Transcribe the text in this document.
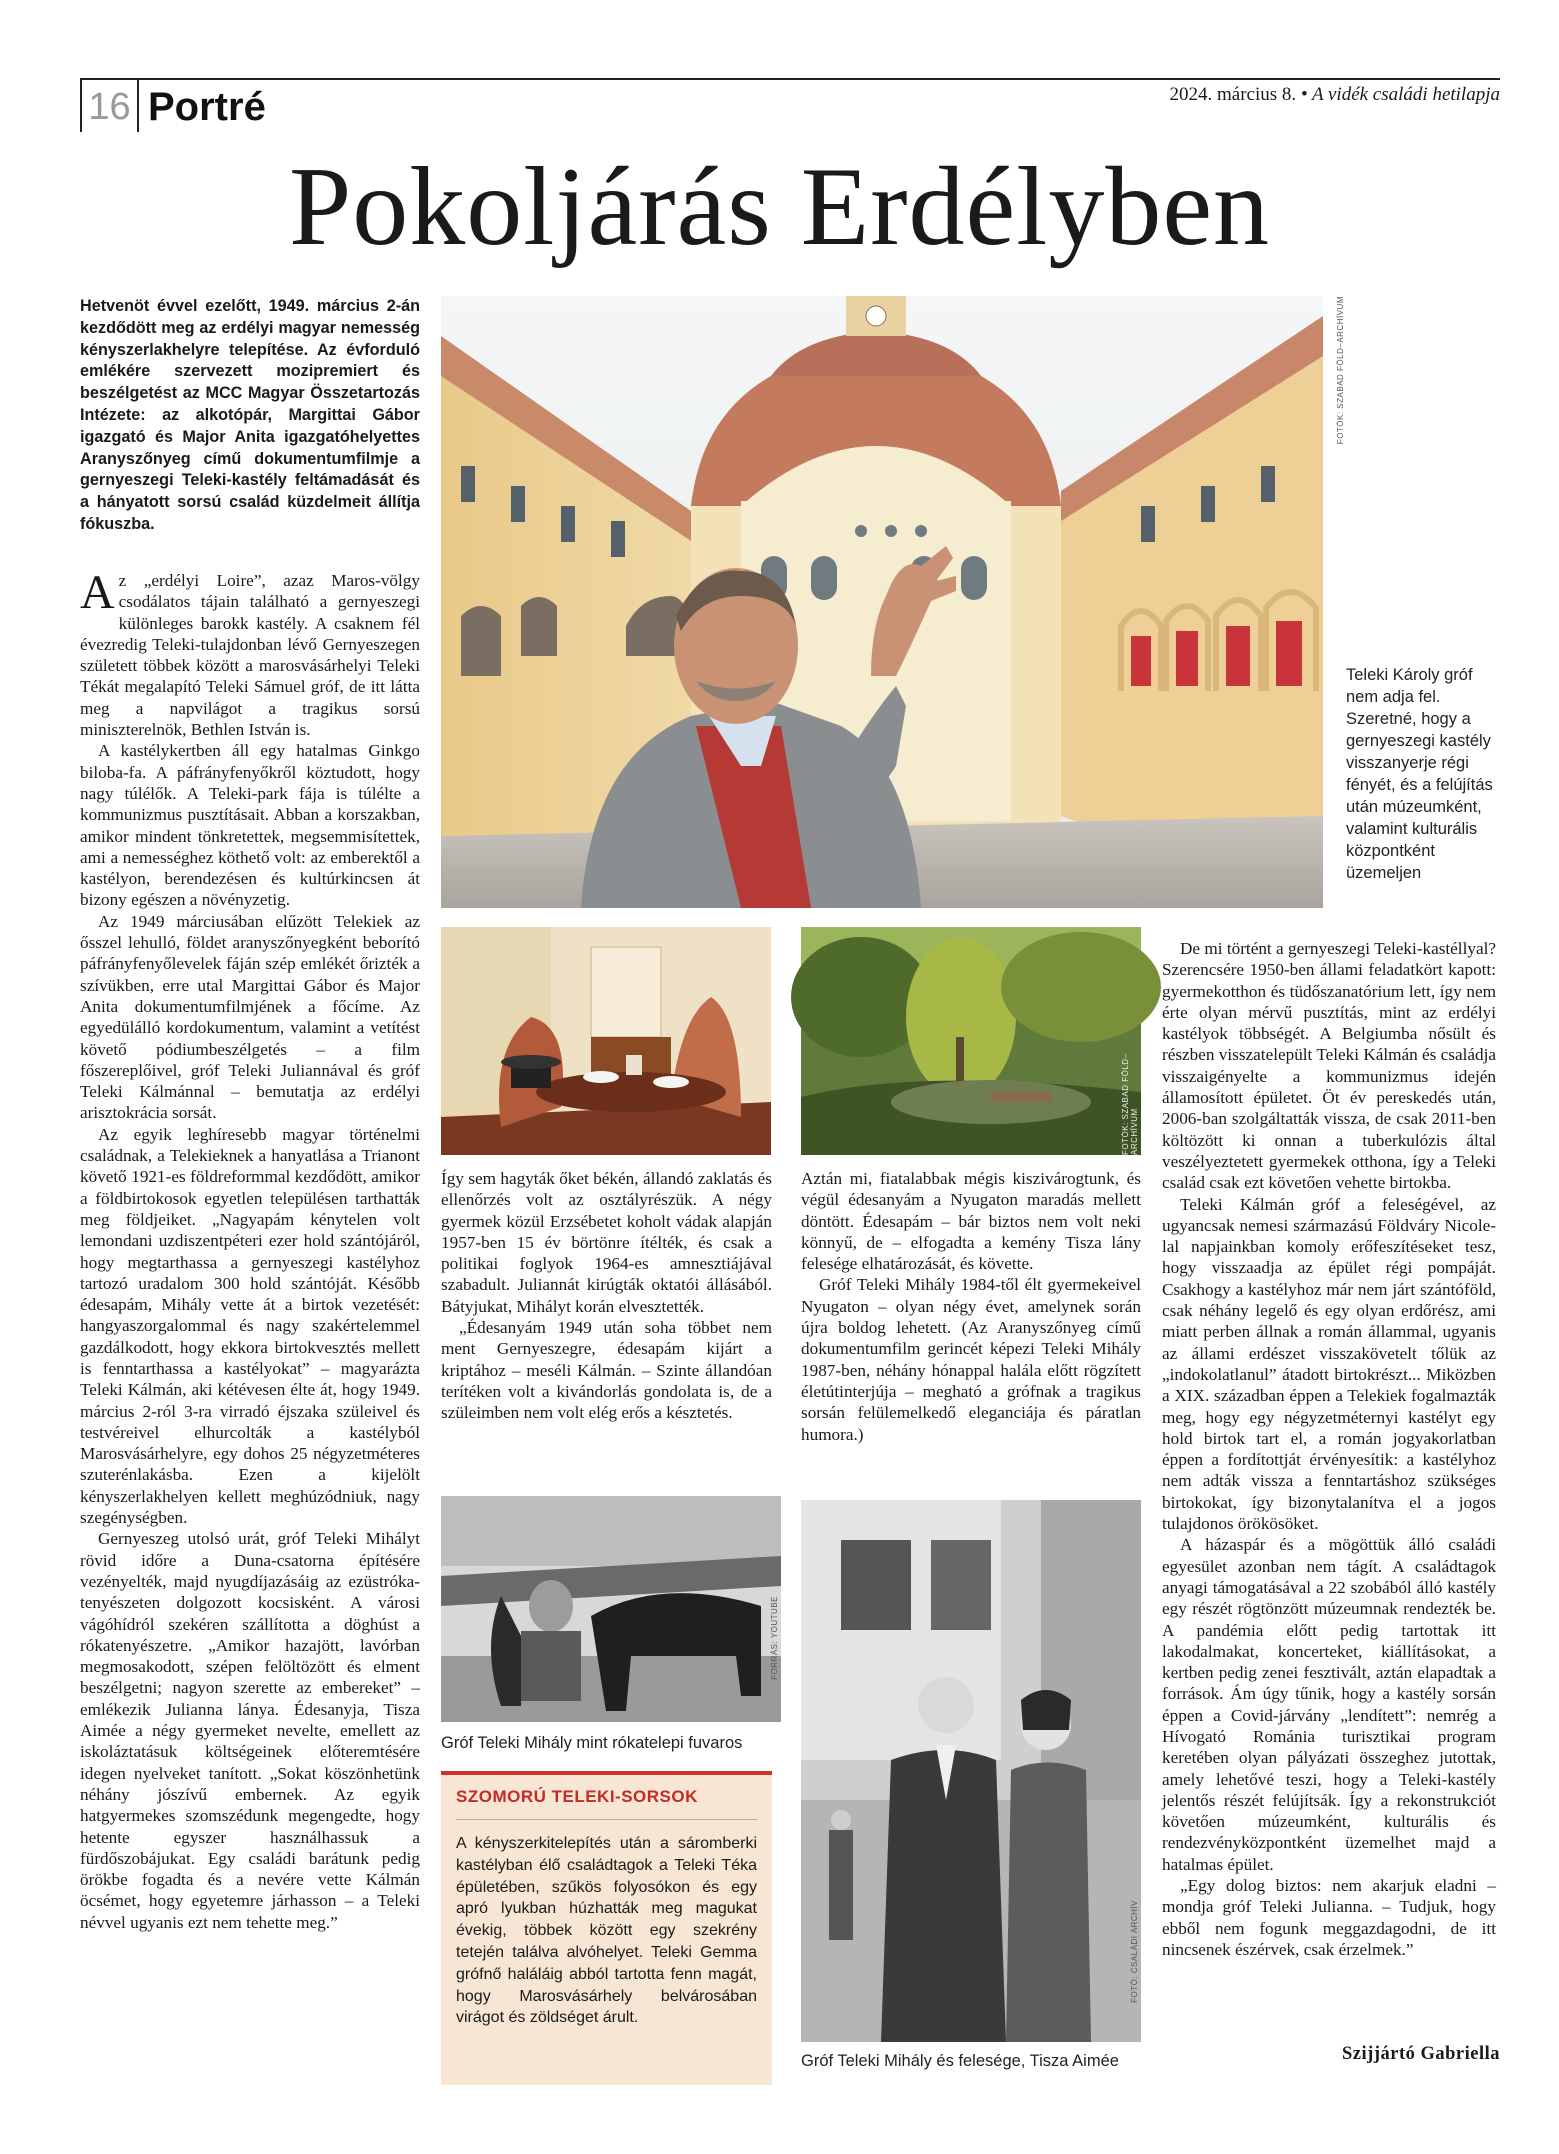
16 Portré	2024. március 8. • A vidék családi hetilapja
Pokoljárás Erdélyben
Hetvenöt évvel ezelőtt, 1949. március 2-án kezdődött meg az erdélyi magyar nemesség kényszerlakhelyre telepítése. Az évforduló emlékére szervezett mozipremiert és beszélgetést az MCC Magyar Összetartozás Intézete: az alkotópár, Margittai Gábor igazgató és Major Anita igazgatóhelyettes Aranyszőnyeg című dokumentumfilmje a gernyeszegi Teleki-kastély feltámadását és a hányatott sorsú család küzdelmeit állítja fókuszba.

Az „erdélyi Loire”, azaz Maros-völgy csodálatos tájain található a gernyeszegi különleges barokk kastély. A csaknem fél évezredig Teleki-tulajdonban lévő Gernyeszegen született többek között a marosvásárhelyi Teleki Tékát megalapító Teleki Sámuel gróf, de itt látta meg a napvilágot a tragikus sorsú miniszterelnök, Bethlen István is.

A kastélykertben áll egy hatalmas Ginkgo biloba-fa. A páfrányfenyőkről köztudott, hogy nagy túlélők. A Teleki-park fája is túlélte a kommunizmus pusztításait. Abban a korszakban, amikor mindent tönkretettek, megsemmisítettek, ami a nemességhez köthető volt: az emberektől a kastélyon, berendezésen és kultúrkincsen át bizony egészen a növényzetig.

Az 1949 márciusában elűzött Telekiek az ősszel lehulló, földet aranyszőnyegként beborító páfrányfenyőlevelek fáján szép emlékét őrizték a szívükben, erre utal Margittai Gábor és Major Anita dokumentumfilmjének a főcíme. Az egyedülálló kordokumentum, valamint a vetítést követő pódiumbeszélgetés – a film főszereplőivel, gróf Teleki Juliannával és gróf Teleki Kálmánnal – bemutatja az erdélyi arisztokrácia sorsát.

Az egyik leghíresebb magyar történelmi családnak, a Telekieknek a hanyatlása a Trianont követő 1921-es földreformmal kezdődött, amikor a földbirtokosok egyetlen településen tarthatták meg földjeiket. „Nagyapám kénytelen volt lemondani uzdiszentpéteri ezer hold szántójáról, hogy megtarthassa a gernyeszegi kastélyhoz tartozó uradalom 300 hold szántóját. Később édesapám, Mihály vette át a birtok vezetését: hangyaszorgalommal és nagy szakértelemmel gazdálkodott, hogy ekkora birtokvesztés mellett is fenntarthassa a kastélyokat” – magyarázta Teleki Kálmán, aki kétévesen élte át, hogy 1949. március 2-ról 3-ra virradó éjszaka szüleivel és testvéreivel elhurcolták a kastélyból Marosvásárhelyre, egy dohos 25 négyzetméteres szuterénlakásba. Ezen a kijelölt kényszerlakhelyen kellett meghúzódniuk, nagy szegénységben.

Gernyeszeg utolsó urát, gróf Teleki Mihályt rövid időre a Duna-csatorna építésére vezényelték, majd nyugdíjazásáig az ezüstróka-tenyészeten dolgozott kocsisként. A városi vágóhídról szekéren szállította a döghúst a rókatenyészetre. „Amikor hazajött, lavórban megmosakodott, szépen felöltözött és elment beszélgetni; nagyon szerette az embereket” – emlékezik Julianna lánya. Édesanyja, Tisza Aimée a négy gyermeket nevelte, emellett az iskoláztatásuk költségeinek előteremtésére idegen nyelveket tanított. „Sokat köszönhetünk néhány jószívű embernek. Az egyik hatgyermekes szomszédunk megengedte, hogy hetente egyszer használhassuk a fürdőszobájukat. Egy családi barátunk pedig örökbe fogadta és a nevére vette Kálmán öcsémet, hogy egyetemre járhasson – a Teleki névvel ugyanis ezt nem tehette meg.”

FOTÓK: SZABAD FÖLD–ARCHÍVUM
Teleki Károly gróf nem adja fel. Szeretné, hogy a gernyeszegi kastély visszanyerje régi fényét, és a felújítás után múzeumként, valamint kulturális központként üzemeljen
FOTÓK: SZABAD FÖLD–ARCHÍVUM

Így sem hagyták őket békén, állandó zaklatás és ellenőrzés volt az osztályrészük. A négy gyermek közül Erzsébetet koholt vádak alapján 1957-ben 15 év börtönre ítélték, és csak a politikai foglyok 1964-es amnesztiájával szabadult. Juliannát kirúgták oktatói állásából. Bátyjukat, Mihályt korán elvesztették.

„Édesanyám 1949 után soha többet nem ment Gernyeszegre, édesapám kijárt a kriptához – meséli Kálmán. – Szinte állandóan terítéken volt a kivándorlás gondolata is, de a szüleimben nem volt elég erős a késztetés.

Aztán mi, fiatalabbak mégis kiszivárogtunk, és végül édesanyám a Nyugaton maradás mellett döntött. Édesapám – bár biztos nem volt neki könnyű, de – elfogadta a kemény Tisza lány felesége elhatározását, és követte.

Gróf Teleki Mihály 1984-től élt gyermekeivel Nyugaton – olyan négy évet, amelynek során újra boldog lehetett. (Az Aranyszőnyeg című dokumentumfilm gerincét képezi Teleki Mihály 1987-ben, néhány hónappal halála előtt rögzített életútinterjúja – megható a grófnak a tragikus sorsán felülemelkedő eleganciája és páratlan humora.)

FORRÁS: YOUTUBE
Gróf Teleki Mihály mint rókatelepi fuvaros
SZOMORÚ TELEKI-SORSOK
A kényszerkitelepítés után a sáromberki kastélyban élő családtagok a Teleki Téka épületében, szűkös folyosókon és egy apró lyukban húzhatták meg magukat évekig, többek között egy szekrény tetején találva alvóhelyet. Teleki Gemma grófnő haláláig abból tartotta fenn magát, hogy Marosvásárhely belvárosában virágot és zöldséget árult.
FOTÓ: CSALÁDI ARCHÍV
Gróf Teleki Mihály és felesége, Tisza Aimée

De mi történt a gernyeszegi Teleki-kastéllyal? Szerencsére 1950-ben állami feladatkört kapott: gyermekotthon és tüdőszanatórium lett, így nem érte olyan mérvű pusztítás, mint az erdélyi kastélyok többségét. A Belgiumba nősült és részben visszatelepült Teleki Kálmán és családja visszaigényelte a kommunizmus idején államosított épületet. Öt év pereskedés után, 2006-ban szolgáltatták vissza, de csak 2011-ben költözött ki onnan a tuberkulózis által veszélyeztetett gyermekek otthona, így a Teleki család csak ezt követően vehette birtokba.

Teleki Kálmán gróf a feleségével, az ugyancsak nemesi származású Földváry Nicole-lal napjainkban komoly erőfeszítéseket tesz, hogy visszaadja az épület régi pompáját. Csakhogy a kastélyhoz már nem járt szántóföld, csak néhány legelő és egy olyan erdőrész, ami miatt perben állnak a román állammal, ugyanis az állami erdészet visszakövetelt tőlük az „indokolatlanul” átadott birtokrészt... Miközben a XIX. században éppen a Telekiek fogalmazták meg, hogy egy négyzetméternyi kastélyt egy hold birtok tart el, a román jogyakorlatban éppen a fordítottját érvényesítik: a kastélyhoz nem adták vissza a fenntartáshoz szükséges birtokokat, így bizonytalanítva el a jogos tulajdonos örökösöket.

A házaspár és a mögöttük álló családi egyesület azonban nem tágít. A családtagok anyagi támogatásával a 22 szobából álló kastély egy részét rögtönzött múzeumnak rendezték be. A pandémia előtt pedig tartottak itt lakodalmakat, koncerteket, kiállításokat, a kertben pedig zenei fesztivált, aztán elapadtak a források. Ám úgy tűnik, hogy a kastély sorsán éppen a Covid-járvány „lendített”: nemrég a Hívogató Románia turisztikai program keretében olyan pályázati összeghez jutottak, amely lehetővé teszi, hogy a Teleki-kastély jelentős részét felújítsák. Így a rekonstrukciót követően múzeumként, kulturális és rendezvényközpontként üzemelhet majd a hatalmas épület.

„Egy dolog biztos: nem akarjuk eladni – mondja gróf Teleki Julianna. – Tudjuk, hogy ebből nem fogunk meggazdagodni, de itt nincsenek észérvek, csak érzelmek.”

Szijjártó Gabriella
